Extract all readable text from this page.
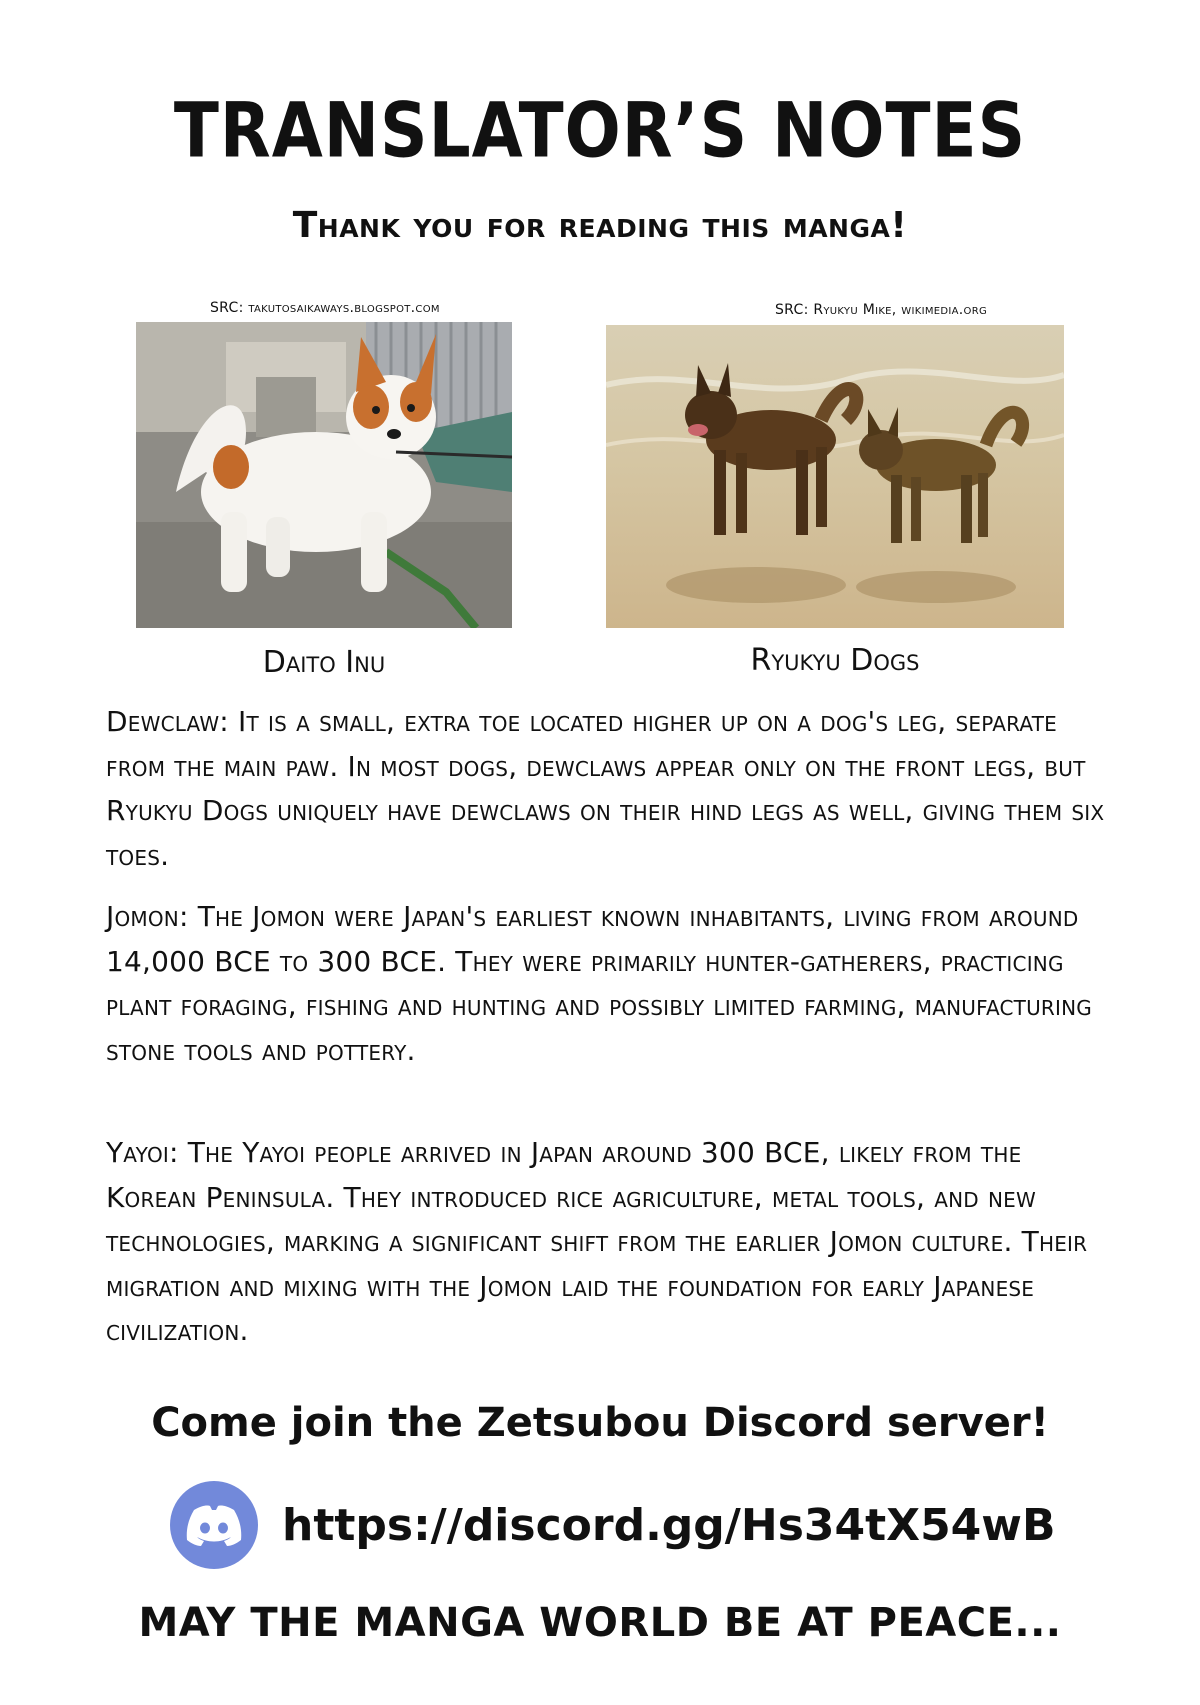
TRANSLATOR’S NOTES
Thank you for reading this manga!
SRC: takutosaikaways.blogspot.com
Daito Inu
SRC: Ryukyu Mike, wikimedia.org
Ryukyu Dogs
Dewclaw: It is a small, extra toe located higher up on a dog's leg, separate from the main paw. In most dogs, dewclaws appear only on the front legs, but Ryukyu Dogs uniquely have dewclaws on their hind legs as well, giving them six toes.
Jomon: The Jomon were Japan's earliest known inhabitants, living from around 14,000 BCE to 300 BCE. They were primarily hunter-gatherers, practicing plant foraging, fishing and hunting and possibly limited farming, manufacturing stone tools and pottery.
Yayoi: The Yayoi people arrived in Japan around 300 BCE, likely from the Korean Peninsula. They introduced rice agriculture, metal tools, and new technologies, marking a significant shift from the earlier Jomon culture. Their migration and mixing with the Jomon laid the foundation for early Japanese civilization.
Come join the Zetsubou Discord server!
https://discord.gg/Hs34tX54wB
MAY THE MANGA WORLD BE AT PEACE...
